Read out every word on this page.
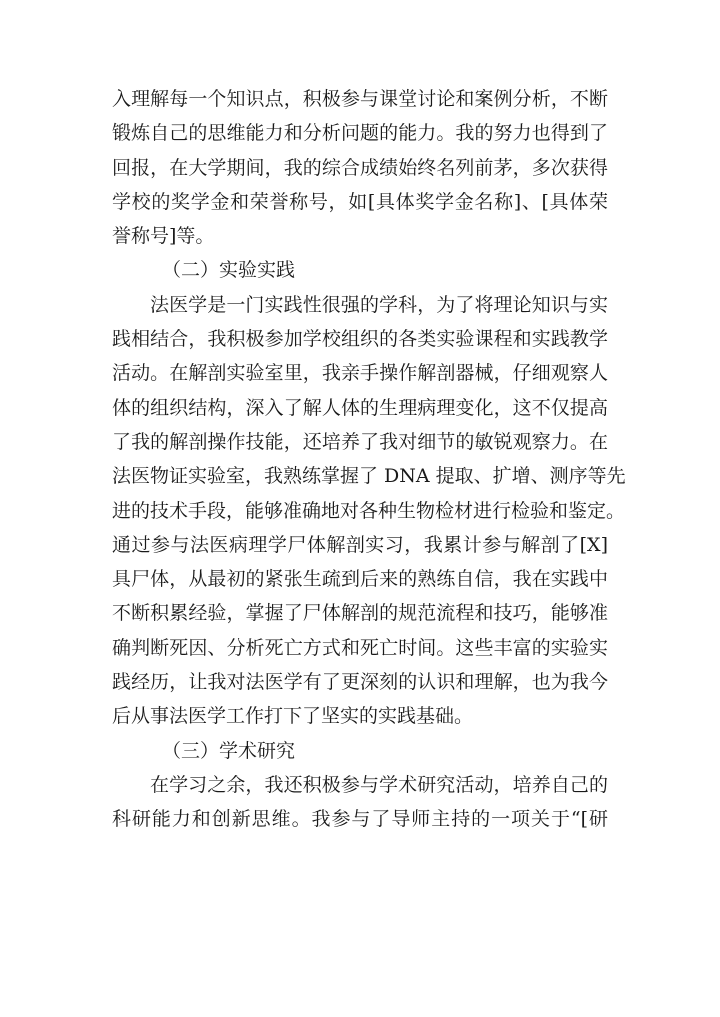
入理解每一个知识点，积极参与课堂讨论和案例分析，不断
锻炼自己的思维能力和分析问题的能力。我的努力也得到了
回报，在大学期间，我的综合成绩始终名列前茅，多次获得
学校的奖学金和荣誉称号，如[具体奖学金名称]、[具体荣
誉称号]等。
（二）实验实践
法医学是一门实践性很强的学科，为了将理论知识与实
践相结合，我积极参加学校组织的各类实验课程和实践教学
活动。在解剖实验室里，我亲手操作解剖器械，仔细观察人
体的组织结构，深入了解人体的生理病理变化，这不仅提高
了我的解剖操作技能，还培养了我对细节的敏锐观察力。在
法医物证实验室，我熟练掌握了 DNA 提取、扩增、测序等先
进的技术手段，能够准确地对各种生物检材进行检验和鉴定。
通过参与法医病理学尸体解剖实习，我累计参与解剖了[X]
具尸体，从最初的紧张生疏到后来的熟练自信，我在实践中
不断积累经验，掌握了尸体解剖的规范流程和技巧，能够准
确判断死因、分析死亡方式和死亡时间。这些丰富的实验实
践经历，让我对法医学有了更深刻的认识和理解，也为我今
后从事法医学工作打下了坚实的实践基础。
（三）学术研究
在学习之余，我还积极参与学术研究活动，培养自己的
科研能力和创新思维。我参与了导师主持的一项关于“[研
